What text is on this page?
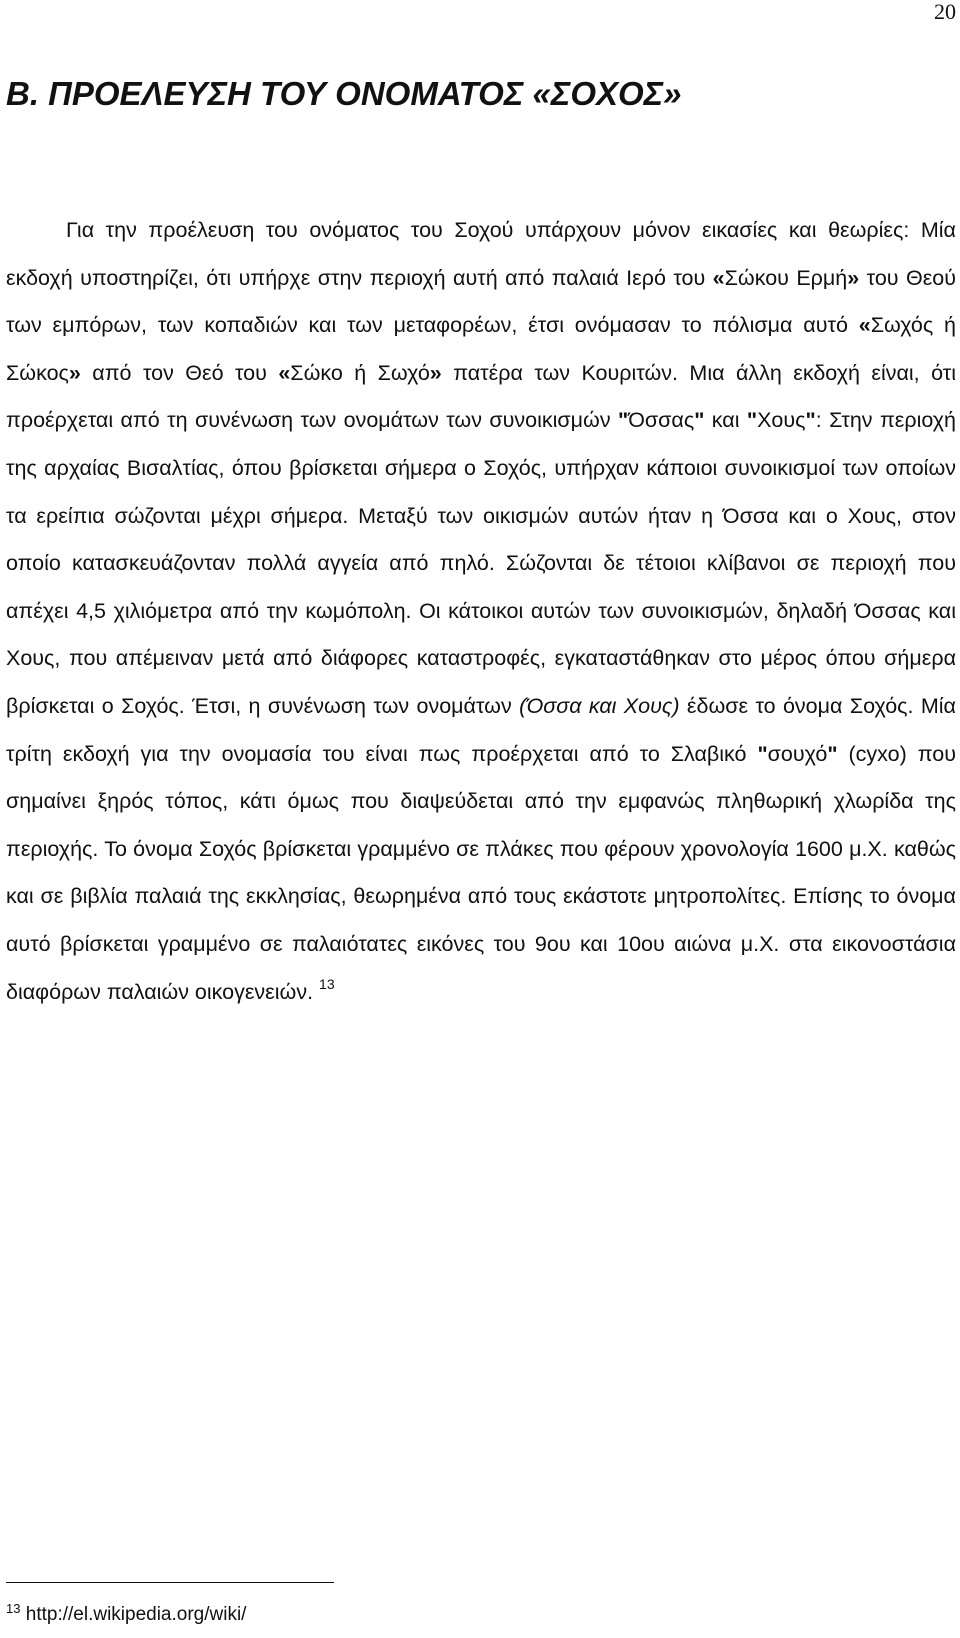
20
Β. ΠΡΟΕΛΕΥΣΗ ΤΟΥ ΟΝΟΜΑΤΟΣ «ΣΟΧΟΣ»

Για την προέλευση του ονόματος του Σοχού υπάρχουν μόνον εικασίες και θεωρίες: Μία εκδοχή υποστηρίζει, ότι υπήρχε στην περιοχή αυτή από παλαιά Ιερό του «Σώκου Ερμή» του Θεού των εμπόρων, των κοπαδιών και των μεταφορέων, έτσι ονόμασαν το πόλισμα αυτό «Σωχός ή Σώκος» από τον Θεό του «Σώκο ή Σωχό» πατέρα των Κουριτών. Μια άλλη εκδοχή είναι, ότι προέρχεται από τη συνένωση των ονομάτων των συνοικισμών "Όσσας" και "Χους": Στην περιοχή της αρχαίας Βισαλτίας, όπου βρίσκεται σήμερα ο Σοχός, υπήρχαν κάποιοι συνοικισμοί των οποίων τα ερείπια σώζονται μέχρι σήμερα. Μεταξύ των οικισμών αυτών ήταν η Όσσα και ο Χους, στον οποίο κατασκευάζονταν πολλά αγγεία από πηλό. Σώζονται δε τέτοιοι κλίβανοι σε περιοχή που απέχει 4,5 χιλιόμετρα από την κωμόπολη. Οι κάτοικοι αυτών των συνοικισμών, δηλαδή Όσσας και Χους, που απέμειναν μετά από διάφορες καταστροφές, εγκαταστάθηκαν στο μέρος όπου σήμερα βρίσκεται ο Σοχός. Έτσι, η συνένωση των ονομάτων (Όσσα και Χους) έδωσε το όνομα Σοχός. Μία τρίτη εκδοχή για την ονομασία του είναι πως προέρχεται από το Σλαβικό "σουχό" (сухо) που σημαίνει ξηρός τόπος, κάτι όμως που διαψεύδεται από την εμφανώς πληθωρική χλωρίδα της περιοχής. Το όνομα Σοχός βρίσκεται γραμμένο σε πλάκες που φέρουν χρονολογία 1600 μ.Χ. καθώς και σε βιβλία παλαιά της εκκλησίας, θεωρημένα από τους εκάστοτε μητροπολίτες. Επίσης το όνομα αυτό βρίσκεται γραμμένο σε παλαιότατες εικόνες του 9ου και 10ου αιώνα μ.Χ. στα εικονοστάσια διαφόρων παλαιών οικογενειών. $^{13}$

$^{13}$ http://el.wikipedia.org/wiki/
